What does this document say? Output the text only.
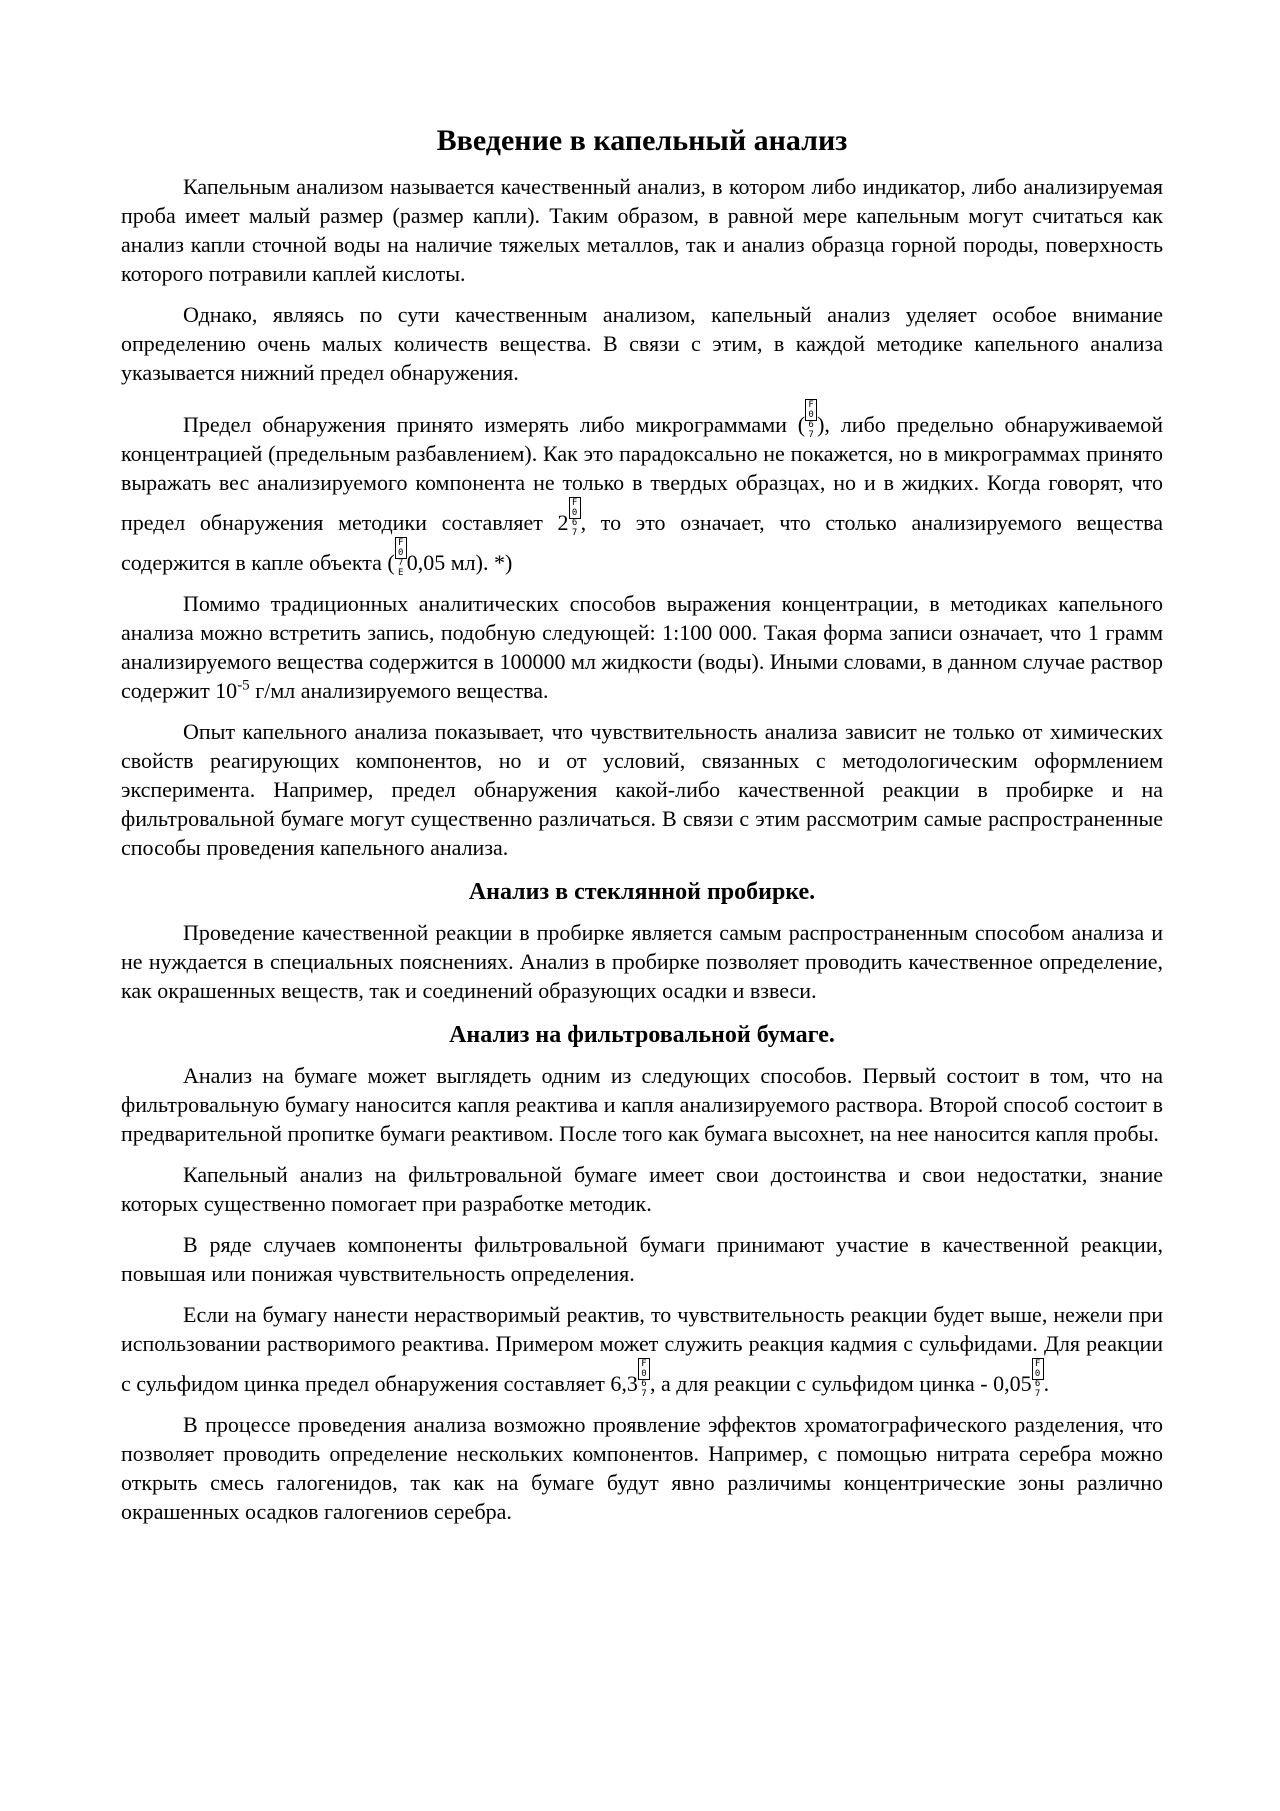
Введение в капельный анализ

Капельным анализом называется качественный анализ, в котором либо индикатор, либо анализируемая проба имеет малый размер (размер капли). Таким образом, в равной мере капельным могут считаться как анализ капли сточной воды на наличие тяжелых металлов, так и анализ образца горной породы, поверхность которого потравили каплей кислоты.

Однако, являясь по сути качественным анализом, капельный анализ уделяет особое внимание определению очень малых количеств вещества. В связи с этим, в каждой методике капельного анализа указывается нижний предел обнаружения.

Предел обнаружения принято измерять либо микрограммами (F0 67 ), либо предельно обнаруживаемой концентрацией (предельным разбавлением). Как это парадоксально не покажется, но в микрограммах принято выражать вес анализируемого компонента не только в твердых образцах, но и в жидких. Когда говорят, что предел обнаружения методики составляет 2F0 67 , то это означает, что столько анализируемого вещества содержится в капле объекта (F0 7E 0,05 мл). *)

Помимо традиционных аналитических способов выражения концентрации, в методиках капельного анализа можно встретить запись, подобную следующей: 1:100 000. Такая форма записи означает, что 1 грамм анализируемого вещества содержится в 100000 мл жидкости (воды). Иными словами, в данном случае раствор содержит $10^{-5}$ г/мл анализируемого вещества.

Опыт капельного анализа показывает, что чувствительность анализа зависит не только от химических свойств реагирующих компонентов, но и от условий, связанных с методологическим оформлением эксперимента. Например, предел обнаружения какой-либо качественной реакции в пробирке и на фильтровальной бумаге могут существенно различаться. В связи с этим рассмотрим самые распространенные способы проведения капельного анализа.

Анализ в стеклянной пробирке.

Проведение качественной реакции в пробирке является самым распространенным способом анализа и не нуждается в специальных пояснениях. Анализ в пробирке позволяет проводить качественное определение, как окрашенных веществ, так и соединений образующих осадки и взвеси.

Анализ на фильтровальной бумаге.

Анализ на бумаге может выглядеть одним из следующих способов. Первый состоит в том, что на фильтровальную бумагу наносится капля реактива и капля анализируемого раствора. Второй способ состоит в предварительной пропитке бумаги реактивом. После того как бумага высохнет, на нее наносится капля пробы.

Капельный анализ на фильтровальной бумаге имеет свои достоинства и свои недостатки, знание которых существенно помогает при разработке методик.

В ряде случаев компоненты фильтровальной бумаги принимают участие в качественной реакции, повышая или понижая чувствительность определения.

Если на бумагу нанести нерастворимый реактив, то чувствительность реакции будет выше, нежели при использовании растворимого реактива. Примером может служить реакция кадмия с сульфидами. Для реакции с сульфидом цинка предел обнаружения составляет 6,3F0 67 , а для реакции с сульфидом цинка - 0,05F0 67 .

В процессе проведения анализа возможно проявление эффектов хроматографического разделения, что позволяет проводить определение нескольких компонентов. Например, с помощью нитрата серебра можно открыть смесь галогенидов, так как на бумаге будут явно различимы концентрические зоны различно окрашенных осадков галогениов серебра.
